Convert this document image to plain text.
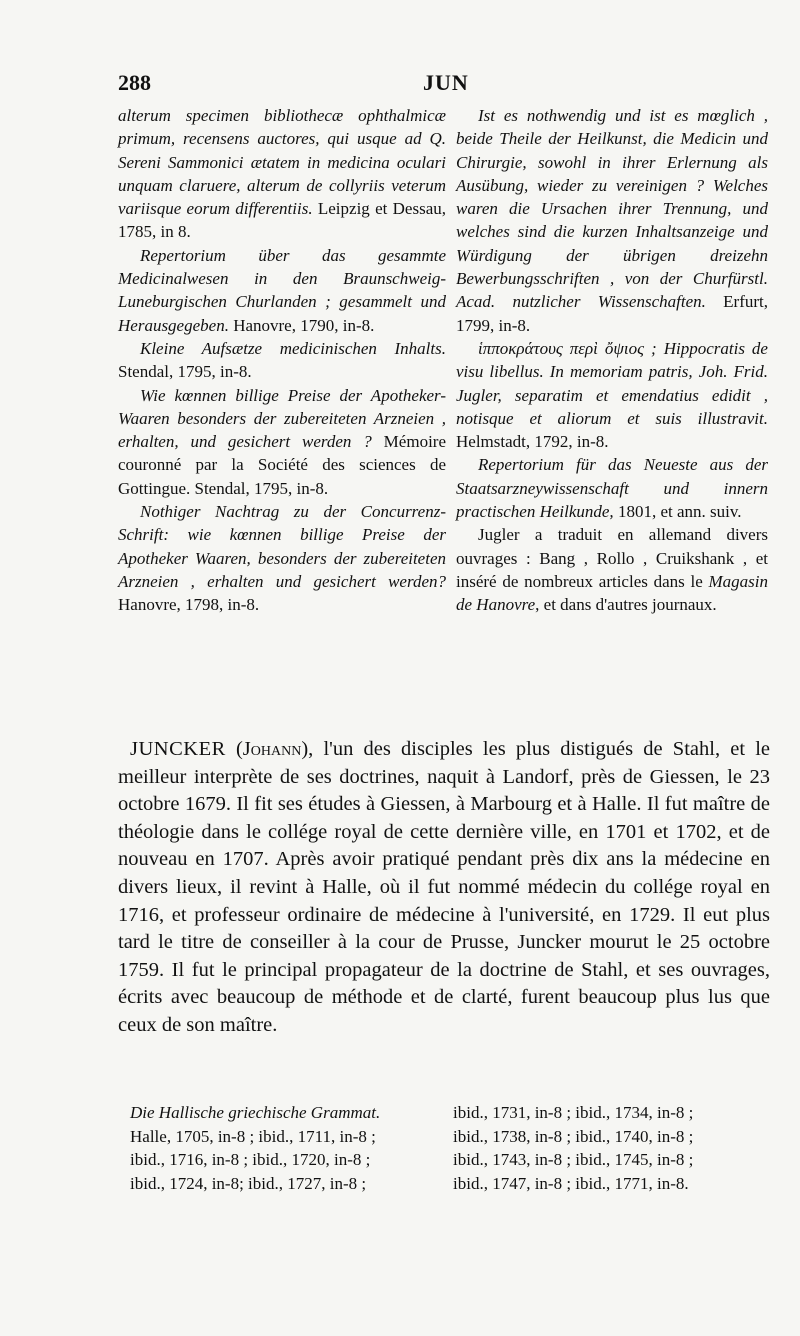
288	JUN

alterum specimen bibliothecæ ophthalmicæ primum, recensens auctores, qui usque ad Q. Sereni Sammonici ætatem in medicina oculari unquam claruere, alterum de collyriis veterum variisque eorum differentiis. Leipzig et Dessau, 1785, in 8.

Repertorium über das gesammte Medicinalwesen in den Braunschweig-Luneburgischen Churlanden ; gesammelt und Herausgegeben. Hanovre, 1790, in-8.

Kleine Aufsætze medicinischen Inhalts. Stendal, 1795, in-8.

Wie kœnnen billige Preise der Apotheker-Waaren besonders der zubereiteten Arzneien , erhalten, und gesichert werden ? Mémoire couronné par la Société des sciences de Gottingue. Stendal, 1795, in-8.

Nothiger Nachtrag zu der Concurrenz-Schrift: wie kœnnen billige Preise der Apotheker Waaren, besonders der zubereiteten Arzneien , erhalten und gesichert werden? Hanovre, 1798, in-8.

Ist es nothwendig und ist es mœglich , beide Theile der Heilkunst, die Medicin und Chirurgie, sowohl in ihrer Erlernung als Ausübung, wieder zu vereinigen ? Welches waren die Ursachen ihrer Trennung, und welches sind die kurzen Inhaltsanzeige und Würdigung der übrigen dreizehn Bewerbungsschriften , von der Churfürstl. Acad. nutzlicher Wissenschaften. Erfurt, 1799, in-8.

ἱπποκράτους περὶ ὄψιος ; Hippocratis de visu libellus. In memoriam patris, Joh. Frid. Jugler, separatim et emendatius edidit , notisque et aliorum et suis illustravit. Helmstadt, 1792, in-8.

Repertorium für das Neueste aus der Staatsarzneywissenschaft und innern practischen Heilkunde, 1801, et ann. suiv.

Jugler a traduit en allemand divers ouvrages : Bang , Rollo , Cruikshank , et inséré de nombreux articles dans le Magasin de Hanovre, et dans d'autres journaux.

JUNCKER (Johann), l'un des disciples les plus distigués de Stahl, et le meilleur interprète de ses doctrines, naquit à Landorf, près de Giessen, le 23 octobre 1679. Il fit ses études à Giessen, à Marbourg et à Halle. Il fut maître de théologie dans le collége royal de cette dernière ville, en 1701 et 1702, et de nouveau en 1707. Après avoir pratiqué pendant près dix ans la médecine en divers lieux, il revint à Halle, où il fut nommé médecin du collége royal en 1716, et professeur ordinaire de médecine à l'université, en 1729. Il eut plus tard le titre de conseiller à la cour de Prusse, Juncker mourut le 25 octobre 1759. Il fut le principal propagateur de la doctrine de Stahl, et ses ouvrages, écrits avec beaucoup de méthode et de clarté, furent beaucoup plus lus que ceux de son maître.

Die Hallische griechische Grammat.

Halle, 1705, in-8 ; ibid., 1711, in-8 ;

ibid., 1716, in-8 ; ibid., 1720, in-8 ;

ibid., 1724, in-8; ibid., 1727, in-8 ;

ibid., 1731, in-8 ; ibid., 1734, in-8 ;

ibid., 1738, in-8 ; ibid., 1740, in-8 ;

ibid., 1743, in-8 ; ibid., 1745, in-8 ;

ibid., 1747, in-8 ; ibid., 1771, in-8.
